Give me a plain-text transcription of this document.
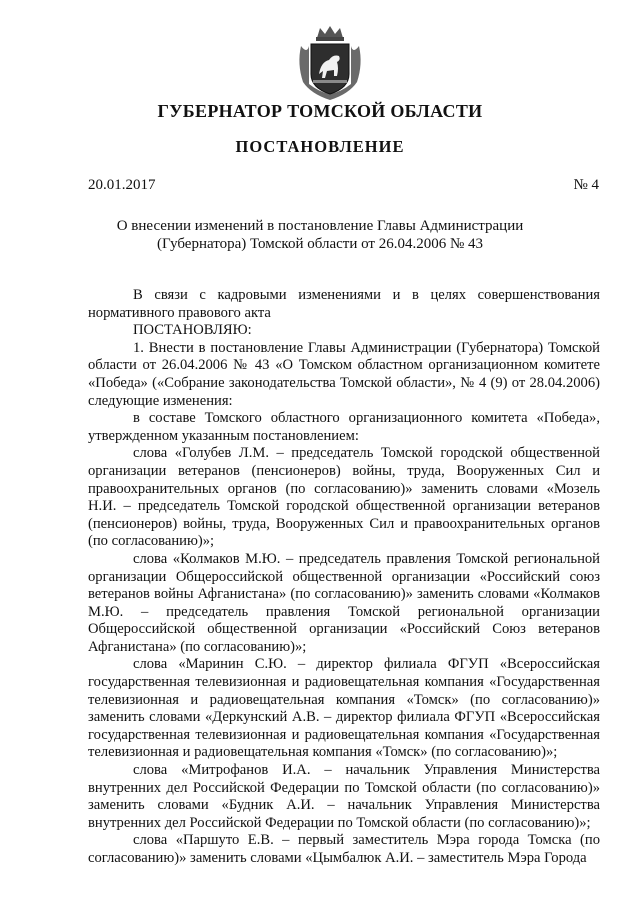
ГУБЕРНАТОР ТОМСКОЙ ОБЛАСТИ
ПОСТАНОВЛЕНИЕ
20.01.2017	№ 4
О внесении изменений в постановление Главы Администрации
(Губернатора) Томской области от 26.04.2006 № 43

В связи с кадровыми изменениями и в целях совершенствования нормативного правового акта

ПОСТАНОВЛЯЮ:

1. Внести в постановление Главы Администрации (Губернатора) Томской области от 26.04.2006 № 43 «О Томском областном организационном комитете «Победа» («Собрание законодательства Томской области», № 4 (9) от 28.04.2006) следующие изменения:

в составе Томского областного организационного комитета «Победа», утвержденном указанным постановлением:

слова «Голубев Л.М. – председатель Томской городской общественной организации ветеранов (пенсионеров) войны, труда, Вооруженных Сил и правоохранительных органов (по согласованию)» заменить словами «Мозель Н.И. – председатель Томской городской общественной организации ветеранов (пенсионеров) войны, труда, Вооруженных Сил и правоохранительных органов (по согласованию)»;

слова «Колмаков М.Ю. – председатель правления Томской региональной организации Общероссийской общественной организации «Российский союз ветеранов войны Афганистана» (по согласованию)» заменить словами «Колмаков М.Ю. – председатель правления Томской региональной организации Общероссийской общественной организации «Российский Союз ветеранов Афганистана» (по согласованию)»;

слова «Маринин С.Ю. – директор филиала ФГУП «Всероссийская государственная телевизионная и радиовещательная компания «Государственная телевизионная и радиовещательная компания «Томск» (по согласованию)» заменить словами «Деркунский А.В. – директор филиала ФГУП «Всероссийская государственная телевизионная и радиовещательная компания «Государственная телевизионная и радиовещательная компания «Томск» (по согласованию)»;

слова «Митрофанов И.А. – начальник Управления Министерства внутренних дел Российской Федерации по Томской области (по согласованию)» заменить словами «Будник А.И. – начальник Управления Министерства внутренних дел Российской Федерации по Томской области (по согласованию)»;

слова «Паршуто Е.В. – первый заместитель Мэра города Томска (по согласованию)» заменить словами «Цымбалюк А.И. – заместитель Мэра Города
